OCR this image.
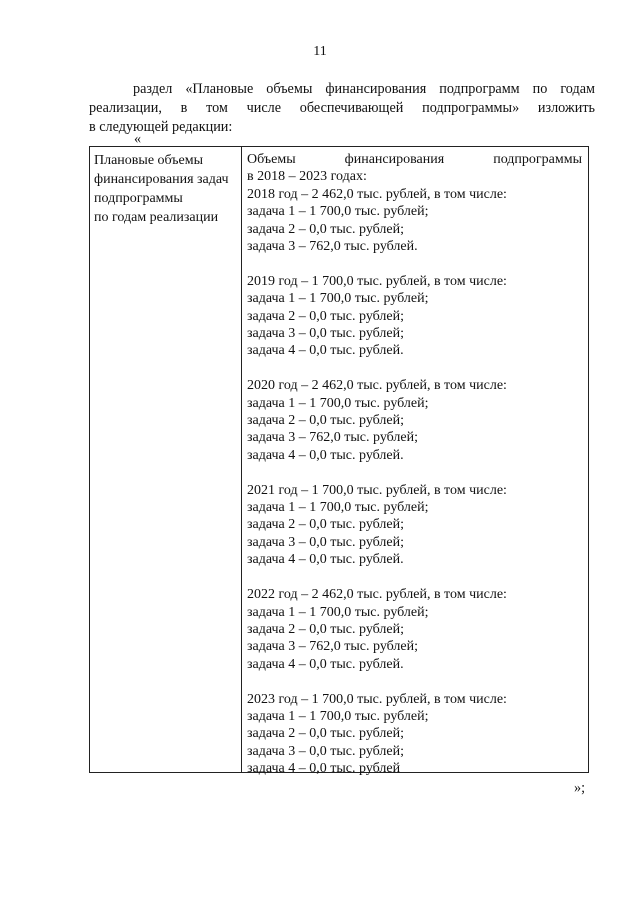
11
раздел «Плановые объемы финансирования подпрограмм по годам
реализации, в том числе обеспечивающей подпрограммы» изложить
в следующей редакции:
«
Плановые объемы
финансирования задач
подпрограммы
по годам реализации
Объемы финансирования подпрограммы
в 2018 – 2023 годах:
2018 год – 2 462,0 тыс. рублей, в том числе:
задача 1 – 1 700,0 тыс. рублей;
задача 2 – 0,0 тыс. рублей;
задача 3 – 762,0 тыс. рублей.
2019 год – 1 700,0 тыс. рублей, в том числе:
задача 1 – 1 700,0 тыс. рублей;
задача 2 – 0,0 тыс. рублей;
задача 3 – 0,0 тыс. рублей;
задача 4 – 0,0 тыс. рублей.
2020 год – 2 462,0 тыс. рублей, в том числе:
задача 1 – 1 700,0 тыс. рублей;
задача 2 – 0,0 тыс. рублей;
задача 3 – 762,0 тыс. рублей;
задача 4 – 0,0 тыс. рублей.
2021 год – 1 700,0 тыс. рублей, в том числе:
задача 1 – 1 700,0 тыс. рублей;
задача 2 – 0,0 тыс. рублей;
задача 3 – 0,0 тыс. рублей;
задача 4 – 0,0 тыс. рублей.
2022 год – 2 462,0 тыс. рублей, в том числе:
задача 1 – 1 700,0 тыс. рублей;
задача 2 – 0,0 тыс. рублей;
задача 3 – 762,0 тыс. рублей;
задача 4 – 0,0 тыс. рублей.
2023 год – 1 700,0 тыс. рублей, в том числе:
задача 1 – 1 700,0 тыс. рублей;
задача 2 – 0,0 тыс. рублей;
задача 3 – 0,0 тыс. рублей;
задача 4 – 0,0 тыс. рублей
»;
